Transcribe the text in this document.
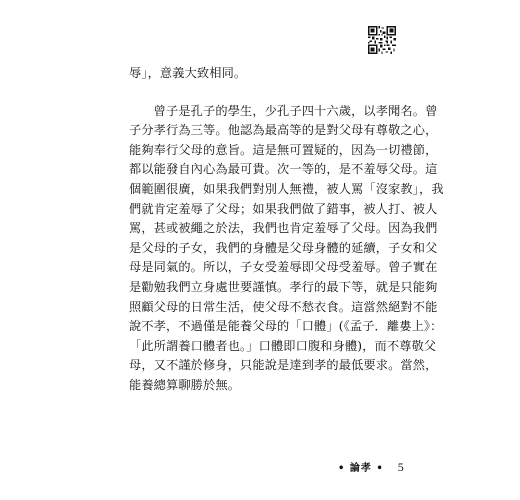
辱」，意義大致相同。
　　曾子是孔子的學生，少孔子四十六歲，以孝聞名。曾
子分孝行為三等。他認為最高等的是對父母有尊敬之心，
能夠奉行父母的意旨。這是無可置疑的，因為一切禮節，
都以能發自內心為最可貴。次一等的，是不羞辱父母。這
個範圍很廣，如果我們對別人無禮，被人罵「沒家教」，我
們就肯定羞辱了父母；如果我們做了錯事，被人打、被人
罵，甚或被繩之於法，我們也肯定羞辱了父母。因為我們
是父母的子女，我們的身體是父母身體的延續，子女和父
母是同氣的。所以，子女受羞辱即父母受羞辱。曾子實在
是勸勉我們立身處世要謹慎。孝行的最下等，就是只能夠
照顧父母的日常生活，使父母不愁衣食。這當然絕對不能
說不孝，不過僅是能養父母的「口體」(《孟子．離婁上》：
「此所謂養口體者也。」口體即口腹和身體)，而不尊敬父
母，又不謹於修身，只能說是達到孝的最低要求。當然，
能養總算聊勝於無。
• 論孝 • 5
